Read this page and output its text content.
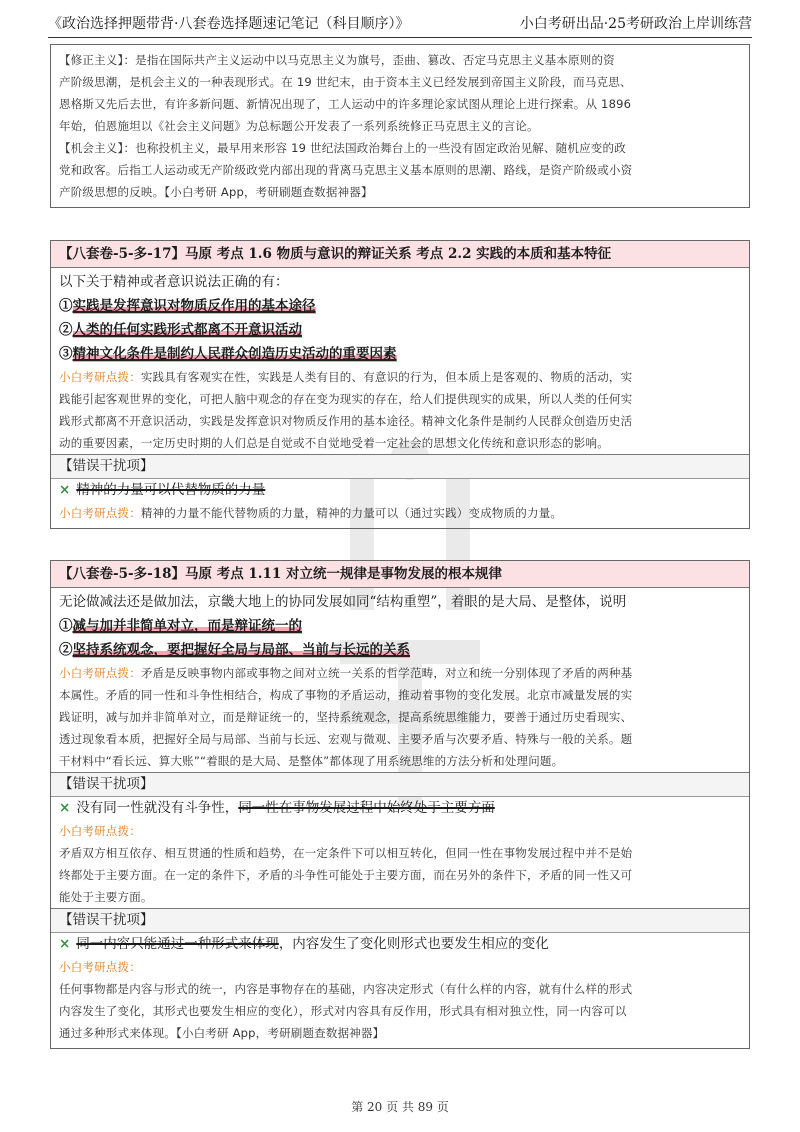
《政治选择押题带背·八套卷选择题速记笔记（科目顺序）》	小白考研出品·25考研政治上岸训练营
【修正主义】：是指在国际共产主义运动中以马克思主义为旗号，歪曲、篡改、否定马克思主义基本原则的资
产阶级思潮，是机会主义的一种表现形式。在 19 世纪末，由于资本主义已经发展到帝国主义阶段，而马克思、
恩格斯又先后去世，有许多新问题、新情况出现了，工人运动中的许多理论家试图从理论上进行探索。从 1896
年始，伯恩施坦以《社会主义问题》为总标题公开发表了一系列系统修正马克思主义的言论。
【机会主义】：也称投机主义，最早用来形容 19 世纪法国政治舞台上的一些没有固定政治见解、随机应变的政
党和政客。后指工人运动或无产阶级政党内部出现的背离马克思主义基本原则的思潮、路线，是资产阶级或小资
产阶级思想的反映。【小白考研 App，考研刷题查数据神器】
【八套卷-5-多-17】马原 考点 1.6 物质与意识的辩证关系 考点 2.2 实践的本质和基本特征
以下关于精神或者意识说法正确的有：
①实践是发挥意识对物质反作用的基本途径
②人类的任何实践形式都离不开意识活动
③精神文化条件是制约人民群众创造历史活动的重要因素
小白考研点拨：实践具有客观实在性，实践是人类有目的、有意识的行为，但本质上是客观的、物质的活动，实
践能引起客观世界的变化，可把人脑中观念的存在变为现实的存在，给人们提供现实的成果，所以人类的任何实
践形式都离不开意识活动，实践是发挥意识对物质反作用的基本途径。精神文化条件是制约人民群众创造历史活
动的重要因素，一定历史时期的人们总是自觉或不自觉地受着一定社会的思想文化传统和意识形态的影响。
【错误干扰项】
× 精神的力量可以代替物质的力量
小白考研点拨：精神的力量不能代替物质的力量，精神的力量可以（通过实践）变成物质的力量。
【八套卷-5-多-18】马原 考点 1.11 对立统一规律是事物发展的根本规律
无论做减法还是做加法，京畿大地上的协同发展如同“结构重塑”，着眼的是大局、是整体，说明
①减与加并非简单对立，而是辩证统一的
②坚持系统观念，要把握好全局与局部、当前与长远的关系
小白考研点拨：矛盾是反映事物内部或事物之间对立统一关系的哲学范畴，对立和统一分别体现了矛盾的两种基
本属性。矛盾的同一性和斗争性相结合，构成了事物的矛盾运动，推动着事物的变化发展。北京市减量发展的实
践证明，减与加并非简单对立，而是辩证统一的，坚持系统观念，提高系统思维能力，要善于通过历史看现实、
透过现象看本质，把握好全局与局部、当前与长远、宏观与微观、主要矛盾与次要矛盾、特殊与一般的关系。题
干材料中“看长远、算大账”“着眼的是大局、是整体”都体现了用系统思维的方法分析和处理问题。
【错误干扰项】
× 没有同一性就没有斗争性，同一性在事物发展过程中始终处于主要方面
小白考研点拨：
矛盾双方相互依存、相互贯通的性质和趋势，在一定条件下可以相互转化，但同一性在事物发展过程中并不是始
终都处于主要方面。在一定的条件下，矛盾的斗争性可能处于主要方面，而在另外的条件下，矛盾的同一性又可
能处于主要方面。
【错误干扰项】
× 同一内容只能通过一种形式来体现，内容发生了变化则形式也要发生相应的变化
小白考研点拨：
任何事物都是内容与形式的统一，内容是事物存在的基础，内容决定形式（有什么样的内容，就有什么样的形式
内容发生了变化，其形式也要发生相应的变化），形式对内容具有反作用，形式具有相对独立性，同一内容可以
通过多种形式来体现。【小白考研 App，考研刷题查数据神器】
第 20 页 共 89 页
